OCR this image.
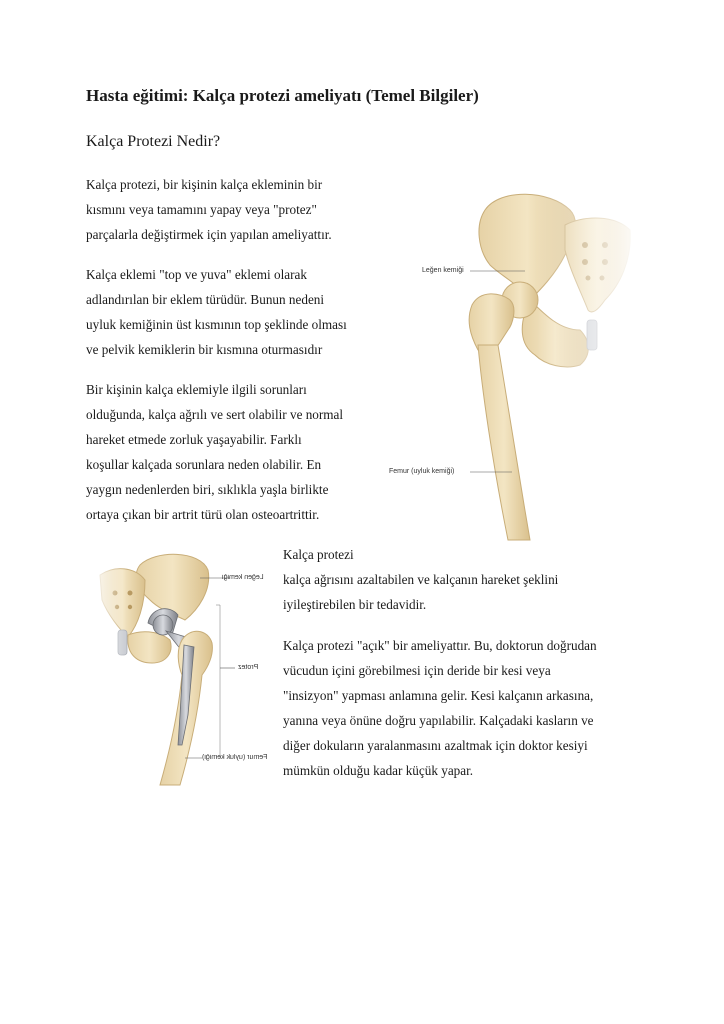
Hasta eğitimi: Kalça protezi ameliyatı (Temel Bilgiler)
Kalça Protezi Nedir?
Kalça protezi, bir kişinin kalça ekleminin bir
kısmını veya tamamını yapay veya "protez"
parçalarla değiştirmek için yapılan ameliyattır.
Kalça eklemi "top ve yuva" eklemi olarak
adlandırılan bir eklem türüdür. Bunun nedeni
uyluk kemiğinin üst kısmının top şeklinde olması
ve pelvik kemiklerin bir kısmına oturmasıdır
Bir kişinin kalça eklemiyle ilgili sorunları
olduğunda, kalça ağrılı ve sert olabilir ve normal
hareket etmede zorluk yaşayabilir. Farklı
koşullar kalçada sorunlara neden olabilir. En
yaygın nedenlerden biri, sıklıkla yaşla birlikte
ortaya çıkan bir artrit türü olan osteoartrittir.
Kalça protezi
kalça ağrısını azaltabilen ve kalçanın hareket şeklini
iyileştirebilen bir tedavidir.
Kalça protezi "açık" bir ameliyattır. Bu, doktorun doğrudan
vücudun içini görebilmesi için deride bir kesi veya
"insizyon" yapması anlamına gelir. Kesi kalçanın arkasına,
yanına veya önüne doğru yapılabilir. Kalçadaki kasların ve
diğer dokuların yaralanmasını azaltmak için doktor kesiyi
mümkün olduğu kadar küçük yapar.
Leğen kemiği
Femur (uyluk kemiği)
Leğen kemiği
Protez
Femur (uyluk kemiği)
